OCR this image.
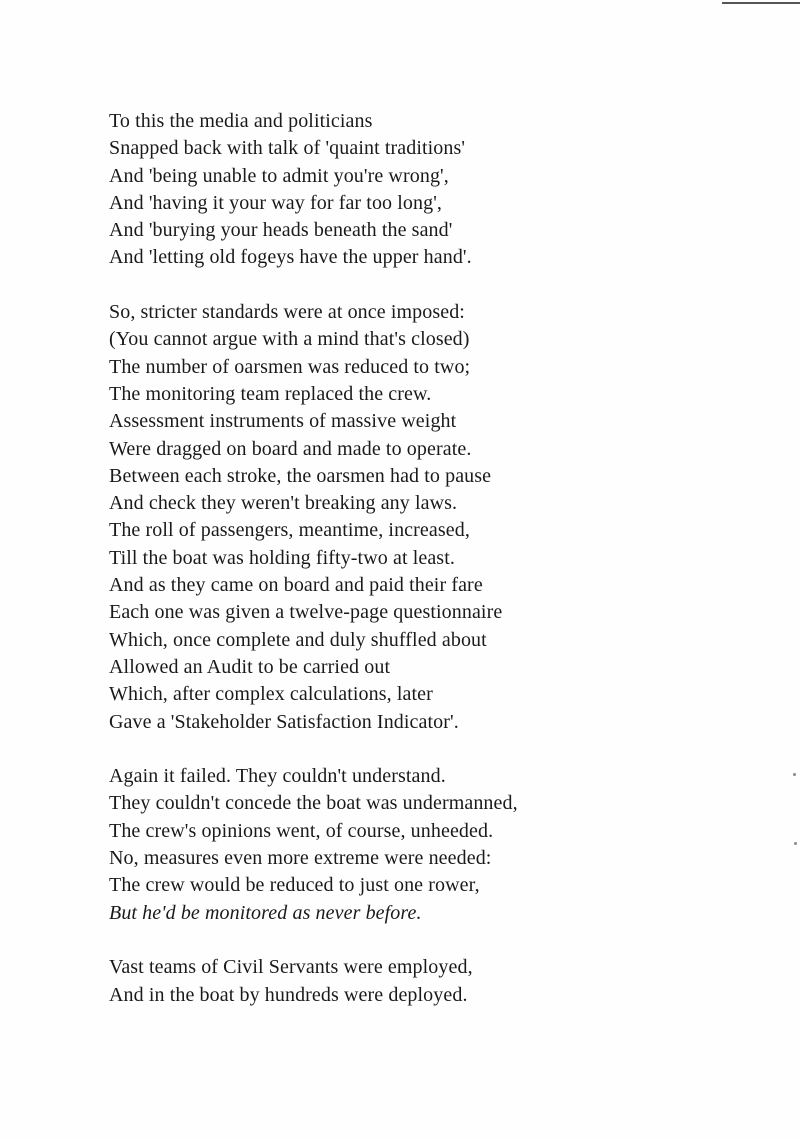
To this the media and politicians
Snapped back with talk of 'quaint traditions'
And 'being unable to admit you're wrong',
And 'having it your way for far too long',
And 'burying your heads beneath the sand'
And 'letting old fogeys have the upper hand'.
So, stricter standards were at once imposed:
(You cannot argue with a mind that's closed)
The number of oarsmen was reduced to two;
The monitoring team replaced the crew.
Assessment instruments of massive weight
Were dragged on board and made to operate.
Between each stroke, the oarsmen had to pause
And check they weren't breaking any laws.
The roll of passengers, meantime, increased,
Till the boat was holding fifty-two at least.
And as they came on board and paid their fare
Each one was given a twelve-page questionnaire
Which, once complete and duly shuffled about
Allowed an Audit to be carried out
Which, after complex calculations, later
Gave a 'Stakeholder Satisfaction Indicator'.
Again it failed. They couldn't understand.
They couldn't concede the boat was undermanned,
The crew's opinions went, of course, unheeded.
No, measures even more extreme were needed:
The crew would be reduced to just one rower,
But he'd be monitored as never before.
Vast teams of Civil Servants were employed,
And in the boat by hundreds were deployed.
